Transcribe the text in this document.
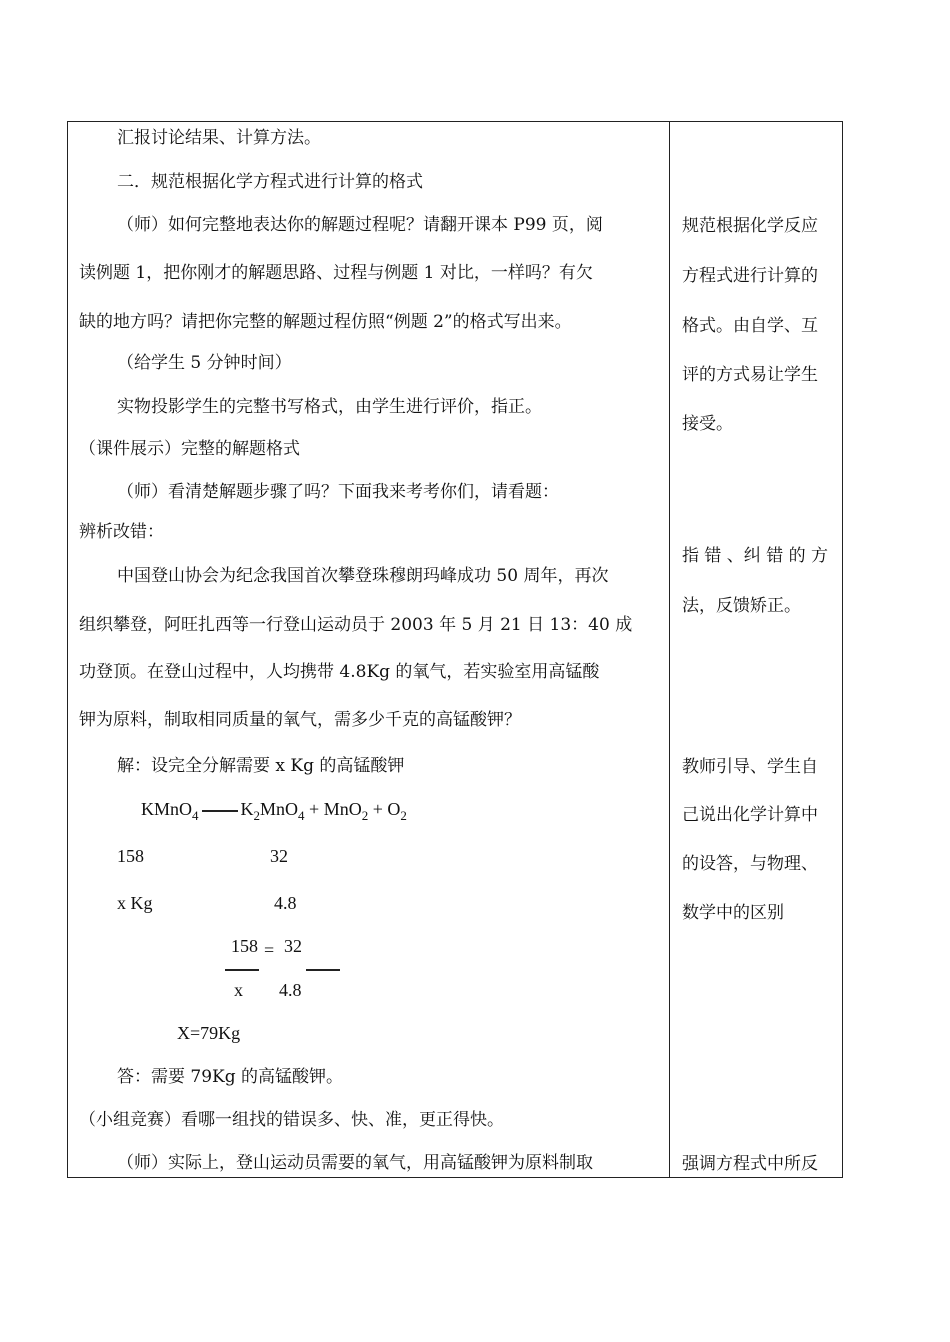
汇报讨论结果、计算方法。
二．规范根据化学方程式进行计算的格式
（师）如何完整地表达你的解题过程呢？请翻开课本 P99 页，阅
读例题 1，把你刚才的解题思路、过程与例题 1 对比，一样吗？有欠
缺的地方吗？请把你完整的解题过程仿照“例题 2”的格式写出来。
（给学生 5 分钟时间）
实物投影学生的完整书写格式，由学生进行评价，指正。
（课件展示）完整的解题格式
（师）看清楚解题步骤了吗？下面我来考考你们，请看题：
辨析改错：
中国登山协会为纪念我国首次攀登珠穆朗玛峰成功 50 周年，再次
组织攀登，阿旺扎西等一行登山运动员于 2003 年 5 月 21 日 13：40 成
功登顶。在登山过程中，人均携带 4.8Kg 的氧气，若实验室用高锰酸
钾为原料，制取相同质量的氧气，需多少千克的高锰酸钾？
解：设完全分解需要 x Kg 的高锰酸钾
KMnO$_4$ $K_2MnO_4 + MnO_2 + O_2$
158	32
x Kg	4.8
158 = 32
x 4.8
X=79Kg
答：需要 79Kg 的高锰酸钾。
（小组竞赛）看哪一组找的错误多、快、准，更正得快。
（师）实际上，登山运动员需要的氧气，用高锰酸钾为原料制取
规范根据化学反应
方程式进行计算的
格式。由自学、互
评的方式易让学生
接受。
指 错 、纠 错 的 方
法，反馈矫正。
教师引导、学生自
己说出化学计算中
的设答，与物理、
数学中的区别
强调方程式中所反
